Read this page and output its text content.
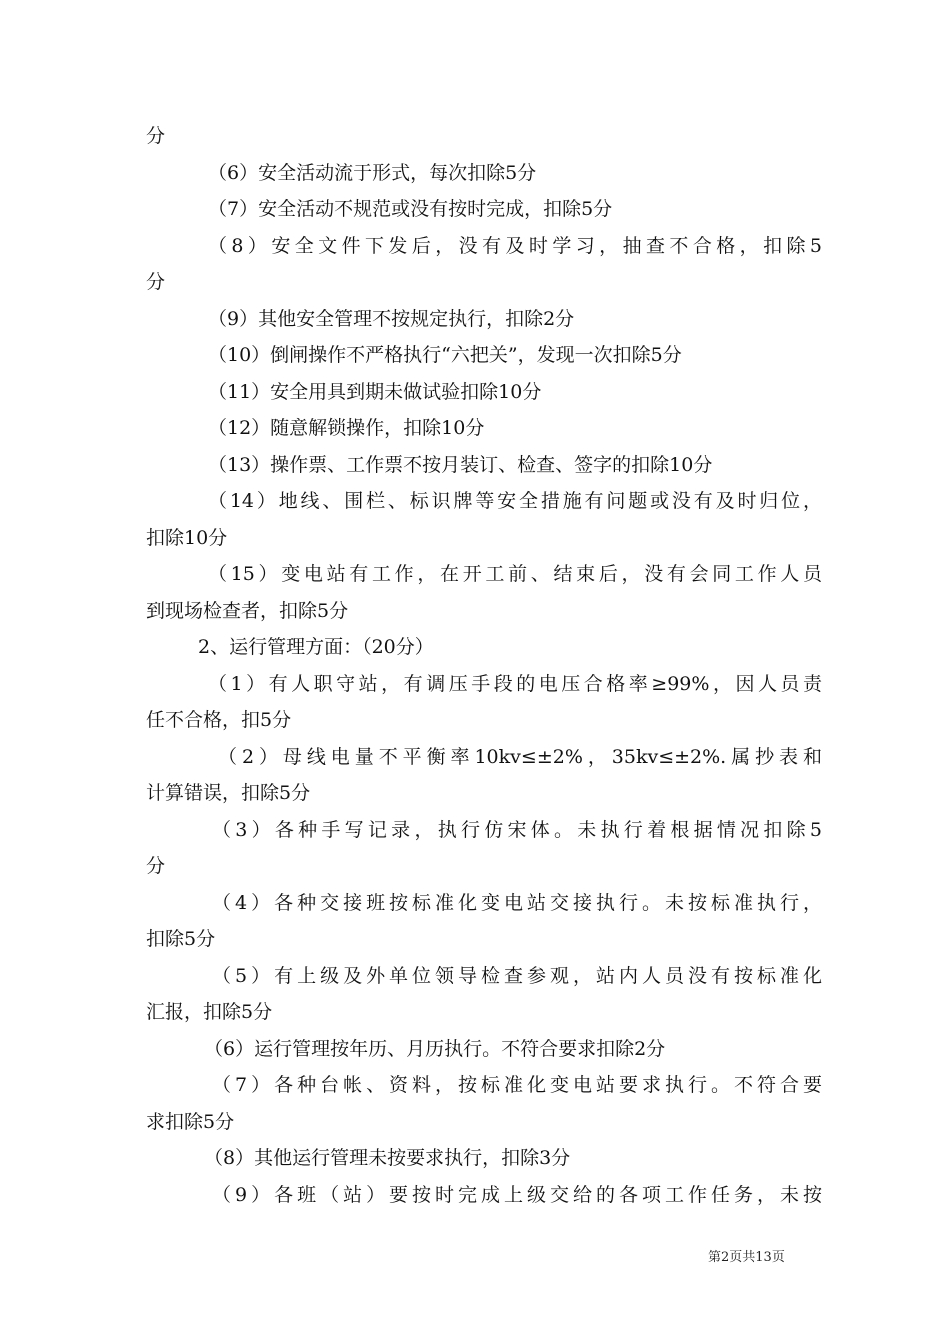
分
（6）安全活动流于形式，每次扣除5分
（7）安全活动不规范或没有按时完成，扣除5分
（8）安全文件下发后，没有及时学习，抽查不合格，扣除5
分
（9）其他安全管理不按规定执行，扣除2分
（10）倒闸操作不严格执行“六把关”，发现一次扣除5分
（11）安全用具到期未做试验扣除10分
（12）随意解锁操作，扣除10分
（13）操作票、工作票不按月装订、检查、签字的扣除10分
（14）地线、围栏、标识牌等安全措施有问题或没有及时归位，
扣除10分
（15）变电站有工作，在开工前、结束后，没有会同工作人员
到现场检查者，扣除5分
2、运行管理方面：（20分）
（1）有人职守站，有调压手段的电压合格率≥99%，因人员责
任不合格，扣5分
（2）母线电量不平衡率10kv≤±2%，35kv≤±2%.属抄表和
计算错误，扣除5分
（3）各种手写记录，执行仿宋体。未执行着根据情况扣除5
分
（4）各种交接班按标准化变电站交接执行。未按标准执行，
扣除5分
（5）有上级及外单位领导检查参观，站内人员没有按标准化
汇报，扣除5分
（6）运行管理按年历、月历执行。不符合要求扣除2分
（7）各种台帐、资料，按标准化变电站要求执行。不符合要
求扣除5分
（8）其他运行管理未按要求执行，扣除3分
（9）各班（站）要按时完成上级交给的各项工作任务，未按
第2页共13页
